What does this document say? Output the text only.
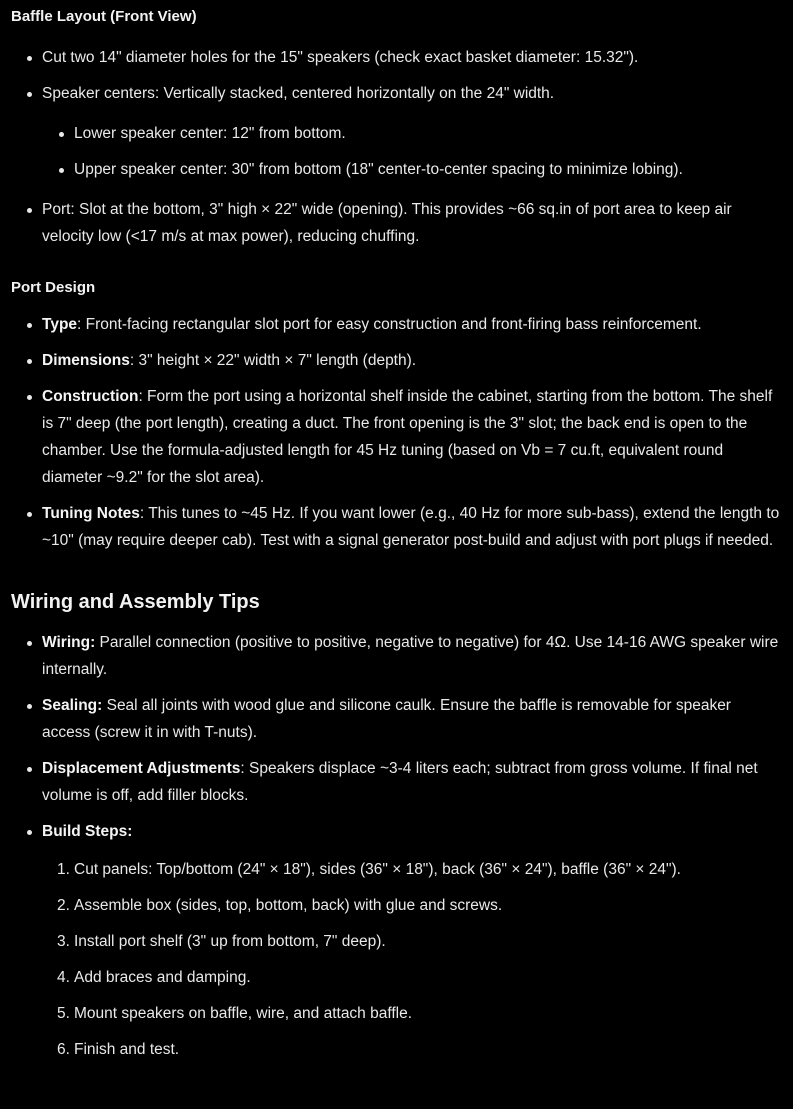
Baffle Layout (Front View)
Cut two 14" diameter holes for the 15" speakers (check exact basket diameter: 15.32").
Speaker centers: Vertically stacked, centered horizontally on the 24" width.
Lower speaker center: 12" from bottom.
Upper speaker center: 30" from bottom (18" center-to-center spacing to minimize lobing).
Port: Slot at the bottom, 3" high × 22" wide (opening). This provides ~66 sq.in of port area to keep air velocity low (<17 m/s at max power), reducing chuffing.
Port Design
Type: Front-facing rectangular slot port for easy construction and front-firing bass reinforcement.
Dimensions: 3" height × 22" width × 7" length (depth).
Construction: Form the port using a horizontal shelf inside the cabinet, starting from the bottom. The shelf is 7" deep (the port length), creating a duct. The front opening is the 3" slot; the back end is open to the chamber. Use the formula-adjusted length for 45 Hz tuning (based on Vb = 7 cu.ft, equivalent round diameter ~9.2" for the slot area).
Tuning Notes: This tunes to ~45 Hz. If you want lower (e.g., 40 Hz for more sub-bass), extend the length to ~10" (may require deeper cab). Test with a signal generator post-build and adjust with port plugs if needed.
Wiring and Assembly Tips
Wiring: Parallel connection (positive to positive, negative to negative) for 4Ω. Use 14-16 AWG speaker wire internally.
Sealing: Seal all joints with wood glue and silicone caulk. Ensure the baffle is removable for speaker access (screw it in with T-nuts).
Displacement Adjustments: Speakers displace ~3-4 liters each; subtract from gross volume. If final net volume is off, add filler blocks.
Build Steps:
1. Cut panels: Top/bottom (24" × 18"), sides (36" × 18"), back (36" × 24"), baffle (36" × 24").
2. Assemble box (sides, top, bottom, back) with glue and screws.
3. Install port shelf (3" up from bottom, 7" deep).
4. Add braces and damping.
5. Mount speakers on baffle, wire, and attach baffle.
6. Finish and test.
